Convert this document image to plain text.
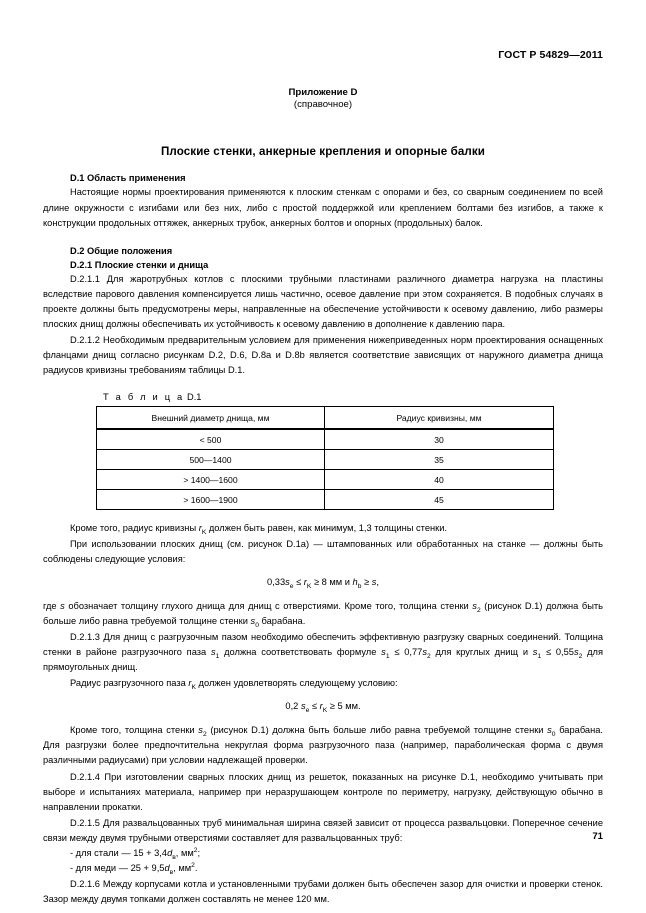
ГОСТ Р 54829—2011
Приложение D
(справочное)
Плоские стенки, анкерные крепления и опорные балки
D.1 Область применения

Настоящие нормы проектирования применяются к плоским стенкам с опорами и без, со сварным соединением по всей длине окружности с изгибами или без них, либо с простой поддержкой или креплением болтами без изгибов, а также к конструкции продольных оттяжек, анкерных трубок, анкерных болтов и опорных (продольных) балок.

D.2 Общие положения
D.2.1 Плоские стенки и днища

D.2.1.1 Для жаротрубных котлов с плоскими трубными пластинами различного диаметра нагрузка на пластины вследствие парового давления компенсируется лишь частично, осевое давление при этом сохраняется. В подобных случаях в проекте должны быть предусмотрены меры, направленные на обеспечение устойчивости к осевому давлению, либо размеры плоских днищ должны обеспечивать их устойчивость к осевому давлению в дополнение к давлению пара.

D.2.1.2 Необходимым предварительным условием для применения нижеприведенных норм проектирования оснащенных фланцами днищ согласно рисункам D.2, D.6, D.8a и D.8b является соответствие зависящих от наружного диаметра днища радиусов кривизны требованиям таблицы D.1.

Т а б л и ц а D.1
Внешний диаметр днища, мм	Радиус кривизны, мм
< 500	30
500—1400	35
> 1400—1600	40
> 1600—1900	45

Кроме того, радиус кривизны $r_K$ должен быть равен, как минимум, 1,3 толщины стенки.

При использовании плоских днищ (см. рисунок D.1a) — штампованных или обработанных на станке — должны быть соблюдены следующие условия:

$0,33s_e \le r_K \ge 8$ мм и $h_b \ge s$,

где s обозначает толщину глухого днища для днищ с отверстиями. Кроме того, толщина стенки $s_2$ (рисунок D.1) должна быть больше либо равна требуемой толщине стенки $s_0$ барабана.

D.2.1.3 Для днищ с разгрузочным пазом необходимо обеспечить эффективную разгрузку сварных соединений. Толщина стенки в районе разгрузочного паза $s_1$ должна соответствовать формуле $s_1 \le 0,77s_2$ для круглых днищ и $s_1 \le 0,55s_2$ для прямоугольных днищ.

Радиус разгрузочного паза $r_K$ должен удовлетворять следующему условию:

0,2 $s_e \le r_K \ge 5$ мм.

Кроме того, толщина стенки $s_2$ (рисунок D.1) должна быть больше либо равна требуемой толщине стенки $s_0$ барабана. Для разгрузки более предпочтительна некруглая форма разгрузочного паза (например, параболическая форма с двумя различными радиусами) при условии надлежащей проверки.

D.2.1.4 При изготовлении сварных плоских днищ из решеток, показанных на рисунке D.1, необходимо учитывать при выборе и испытаниях материала, например при неразрушающем контроле по периметру, нагрузку, действующую обычно в направлении прокатки.

D.2.1.5 Для развальцованных труб минимальная ширина связей зависит от процесса развальцовки. Поперечное сечение связи между двумя трубными отверстиями составляет для развальцованных труб:

- для стали — $15 + 3,4d_в$, $мм^2$;

- для меди — $25 + 9,5d_в$, $мм^2$.

D.2.1.6 Между корпусами котла и установленными трубами должен быть обеспечен зазор для очистки и проверки стенок. Зазор между двумя топками должен составлять не менее 120 мм.

71
